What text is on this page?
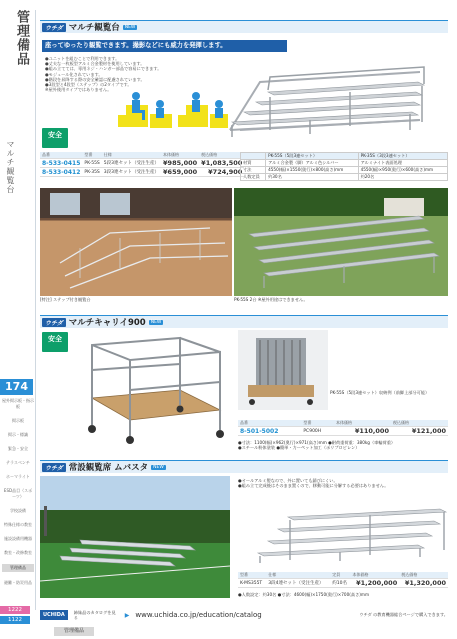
管理備品
マルチ観覧台
174
屋外掲示板・指示板
掲示板
掲示・標識
緊急・安全
テラスベンチ
ホーマライト
ESD品目（スポーツ）
学校設備
特殊仕様の教室
施設設備用機器
教室・改修教室
管理備品
避難・防災用品
ウチダ マルチ観覧台	NEW
座ってゆったり観覧できます。撮影などにも威力を発揮します。
●ユニットを組むことで利用できます。
●丈夫な一枚板型アルミ合金製材を使用しています。
●組み立てては、専用ネジ・ハンガー部品で容易にできます。
●モジュール化されています。
●階段を昇降する際の安全確認に配慮されています。
●3段型と4段型（ステップ）の2タイプです。
※屋外使用タイプではありません。
安全
品番	型番	仕様	本体価格	税込価格
8-533-0415	PK-55S	5段3連セット（受注生産）	¥985,000	¥1,083,500
8-533-0412	PK-35S	3段3連セット（受注生産）	¥659,000	¥724,900
	PK-55S（5段3連セット）	PK-35S（3段3連セット）
材質	アルミ合金製（脚）アルミ色シルバー	アルミナイト表面処理
寸法	4550(幅)×1550(奥行)×800(高さ)mm	4550(幅)×950(奥行)×600(高さ)mm
人数定員	約30名	約20名
[特注] ステップ付き観覧台	PK-55S 2台 ※屋外用途はできません。
ウチダ マルチキャリイ900	NEW
安全
PK-55S（5段3連セット）収納例（前脚上部分可能）
品番	型番	本体価格	税込価格
8-501-5002	PC900H	¥110,000	¥121,000
●寸法：1100(幅)×962(奥行)×971(高さ)mm ●耐荷重荷重：380kg（車輪荷重）
●スチール粉体塗装 ●簡単・力ーペット加工（ポリプロピレン）
ウチダ 常設観覧席 ムバスタ	NEW
●オールアルミ製なので、外に置いても錆びにくい。
●組み立て完成後はそのまま置くので、移動可能に分解する必要はありません。
型番	仕様	定員	本体価格	税込価格
K-MS355T	3段4連セット（受注生産）	約10名	¥1,200,000	¥1,320,000
●人数設定：約30名 ●寸法：4600(幅)×1750(奥行)×700(高さ)mm
UCHIDA	姉妹品のカタログを見る	▶ www.uchida.co.jp/education/catalog	ウチダ の教育機器総合ページで購入できます。
1222
1122
管理備品
